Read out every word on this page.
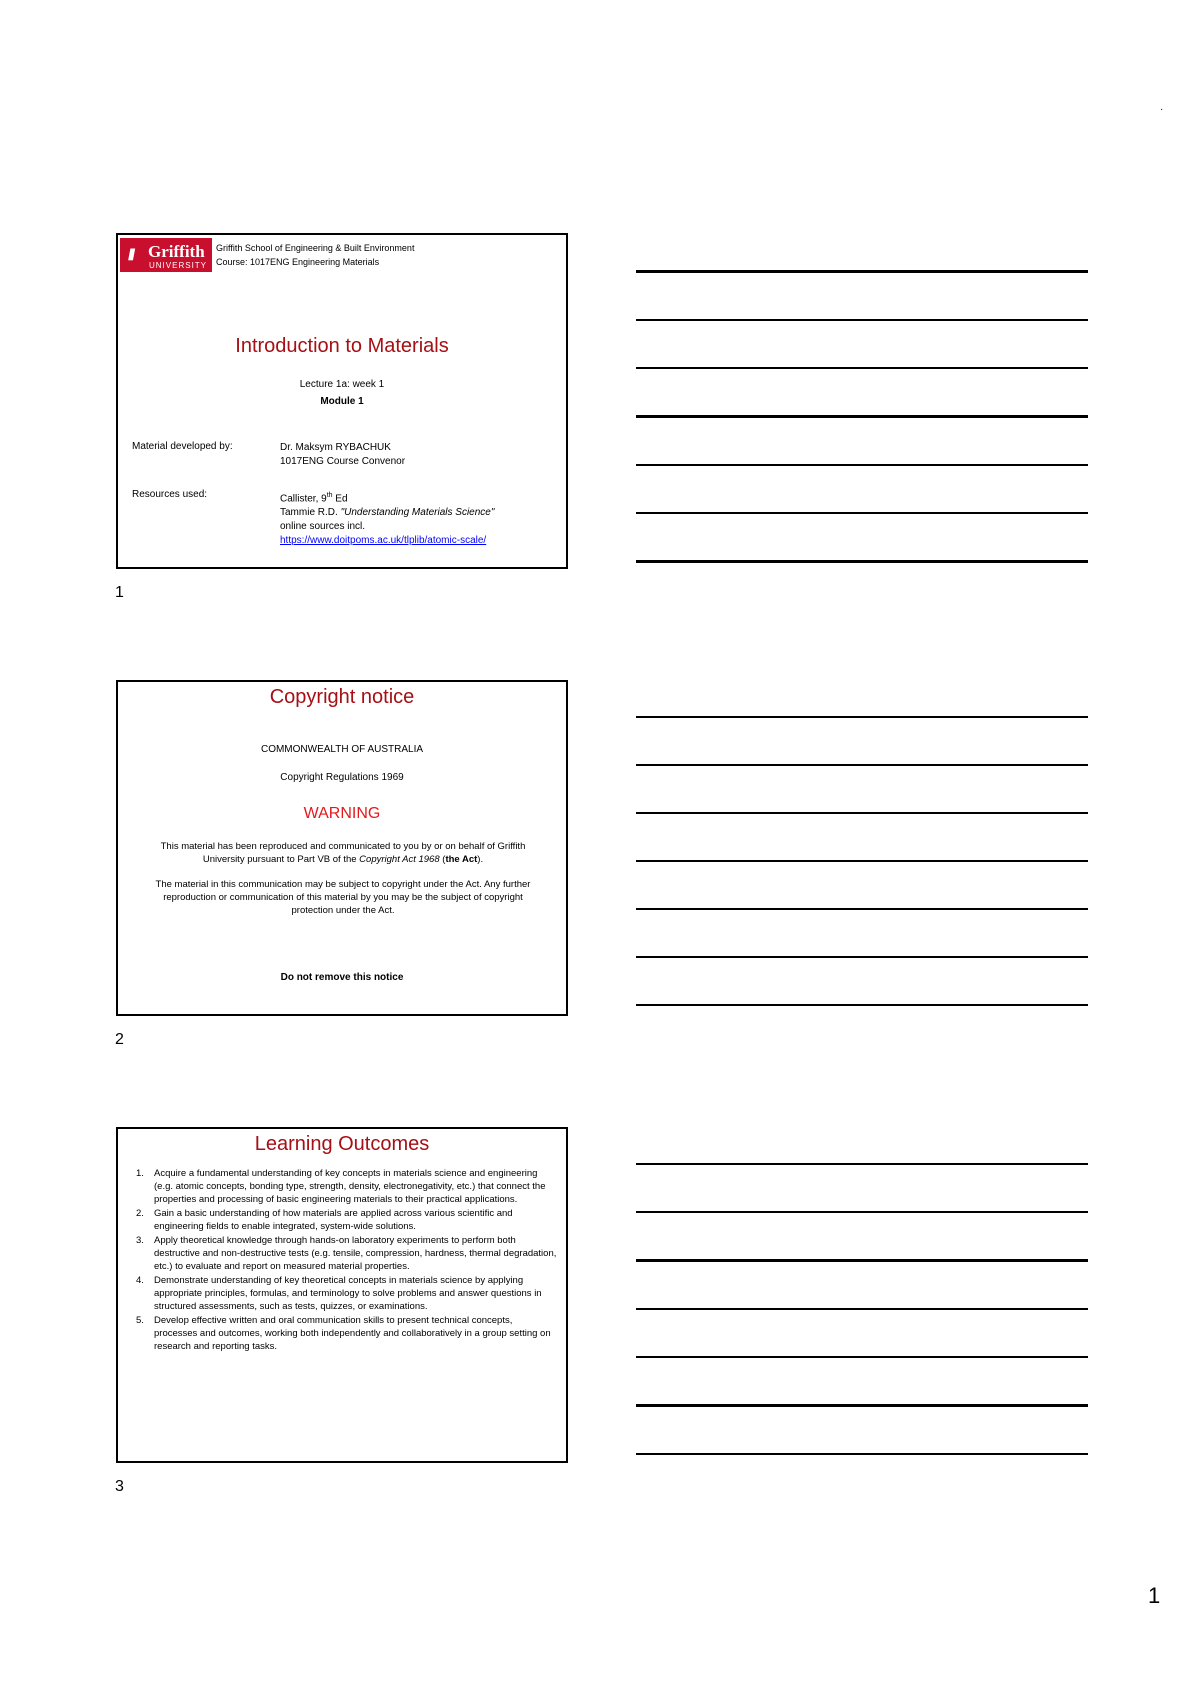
·
/// Griffith
UNIVERSITY
Griffith School of Engineering & Built Environment
Course: 1017ENG Engineering Materials
Introduction to Materials
Lecture 1a: week 1
Module 1
Material developed by:	Dr. Maksym RYBACHUK
1017ENG Course Convenor
Resources used:	Callister, 9th Ed
Tammie R.D. "Understanding Materials Science"
online sources incl.
https://www.doitpoms.ac.uk/tlplib/atomic-scale/
1
Copyright notice
COMMONWEALTH OF AUSTRALIA
Copyright Regulations 1969
WARNING
This material has been reproduced and communicated to you by or on behalf of Griffith University pursuant to Part VB of the Copyright Act 1968 (the Act).
The material in this communication may be subject to copyright under the Act. Any further reproduction or communication of this material by you may be the subject of copyright protection under the Act.
Do not remove this notice
2
Learning Outcomes
1. Acquire a fundamental understanding of key concepts in materials science and engineering (e.g. atomic concepts, bonding type, strength, density, electronegativity, etc.) that connect the properties and processing of basic engineering materials to their practical applications.
2. Gain a basic understanding of how materials are applied across various scientific and engineering fields to enable integrated, system-wide solutions.
3. Apply theoretical knowledge through hands-on laboratory experiments to perform both destructive and non-destructive tests (e.g. tensile, compression, hardness, thermal degradation, etc.) to evaluate and report on measured material properties.
4. Demonstrate understanding of key theoretical concepts in materials science by applying appropriate principles, formulas, and terminology to solve problems and answer questions in structured assessments, such as tests, quizzes, or examinations.
5. Develop effective written and oral communication skills to present technical concepts, processes and outcomes, working both independently and collaboratively in a group setting on research and reporting tasks.
3
1
